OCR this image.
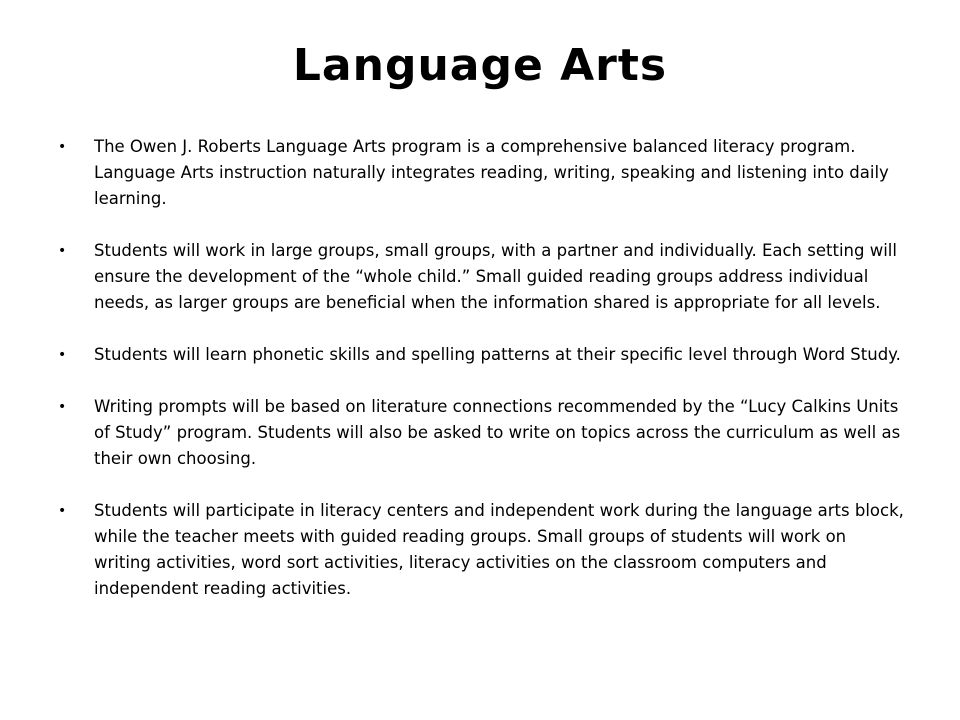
Language Arts
• The Owen J. Roberts Language Arts program is a comprehensive balanced literacy program. Language Arts instruction naturally integrates reading, writing, speaking and listening into daily learning.
• Students will work in large groups, small groups, with a partner and individually. Each setting will ensure the development of the “whole child.” Small guided reading groups address individual needs, as larger groups are beneficial when the information shared is appropriate for all levels.
• Students will learn phonetic skills and spelling patterns at their specific level through Word Study.
• Writing prompts will be based on literature connections recommended by the “Lucy Calkins Units of Study” program. Students will also be asked to write on topics across the curriculum as well as their own choosing.
• Students will participate in literacy centers and independent work during the language arts block, while the teacher meets with guided reading groups. Small groups of students will work on writing activities, word sort activities, literacy activities on the classroom computers and independent reading activities.
